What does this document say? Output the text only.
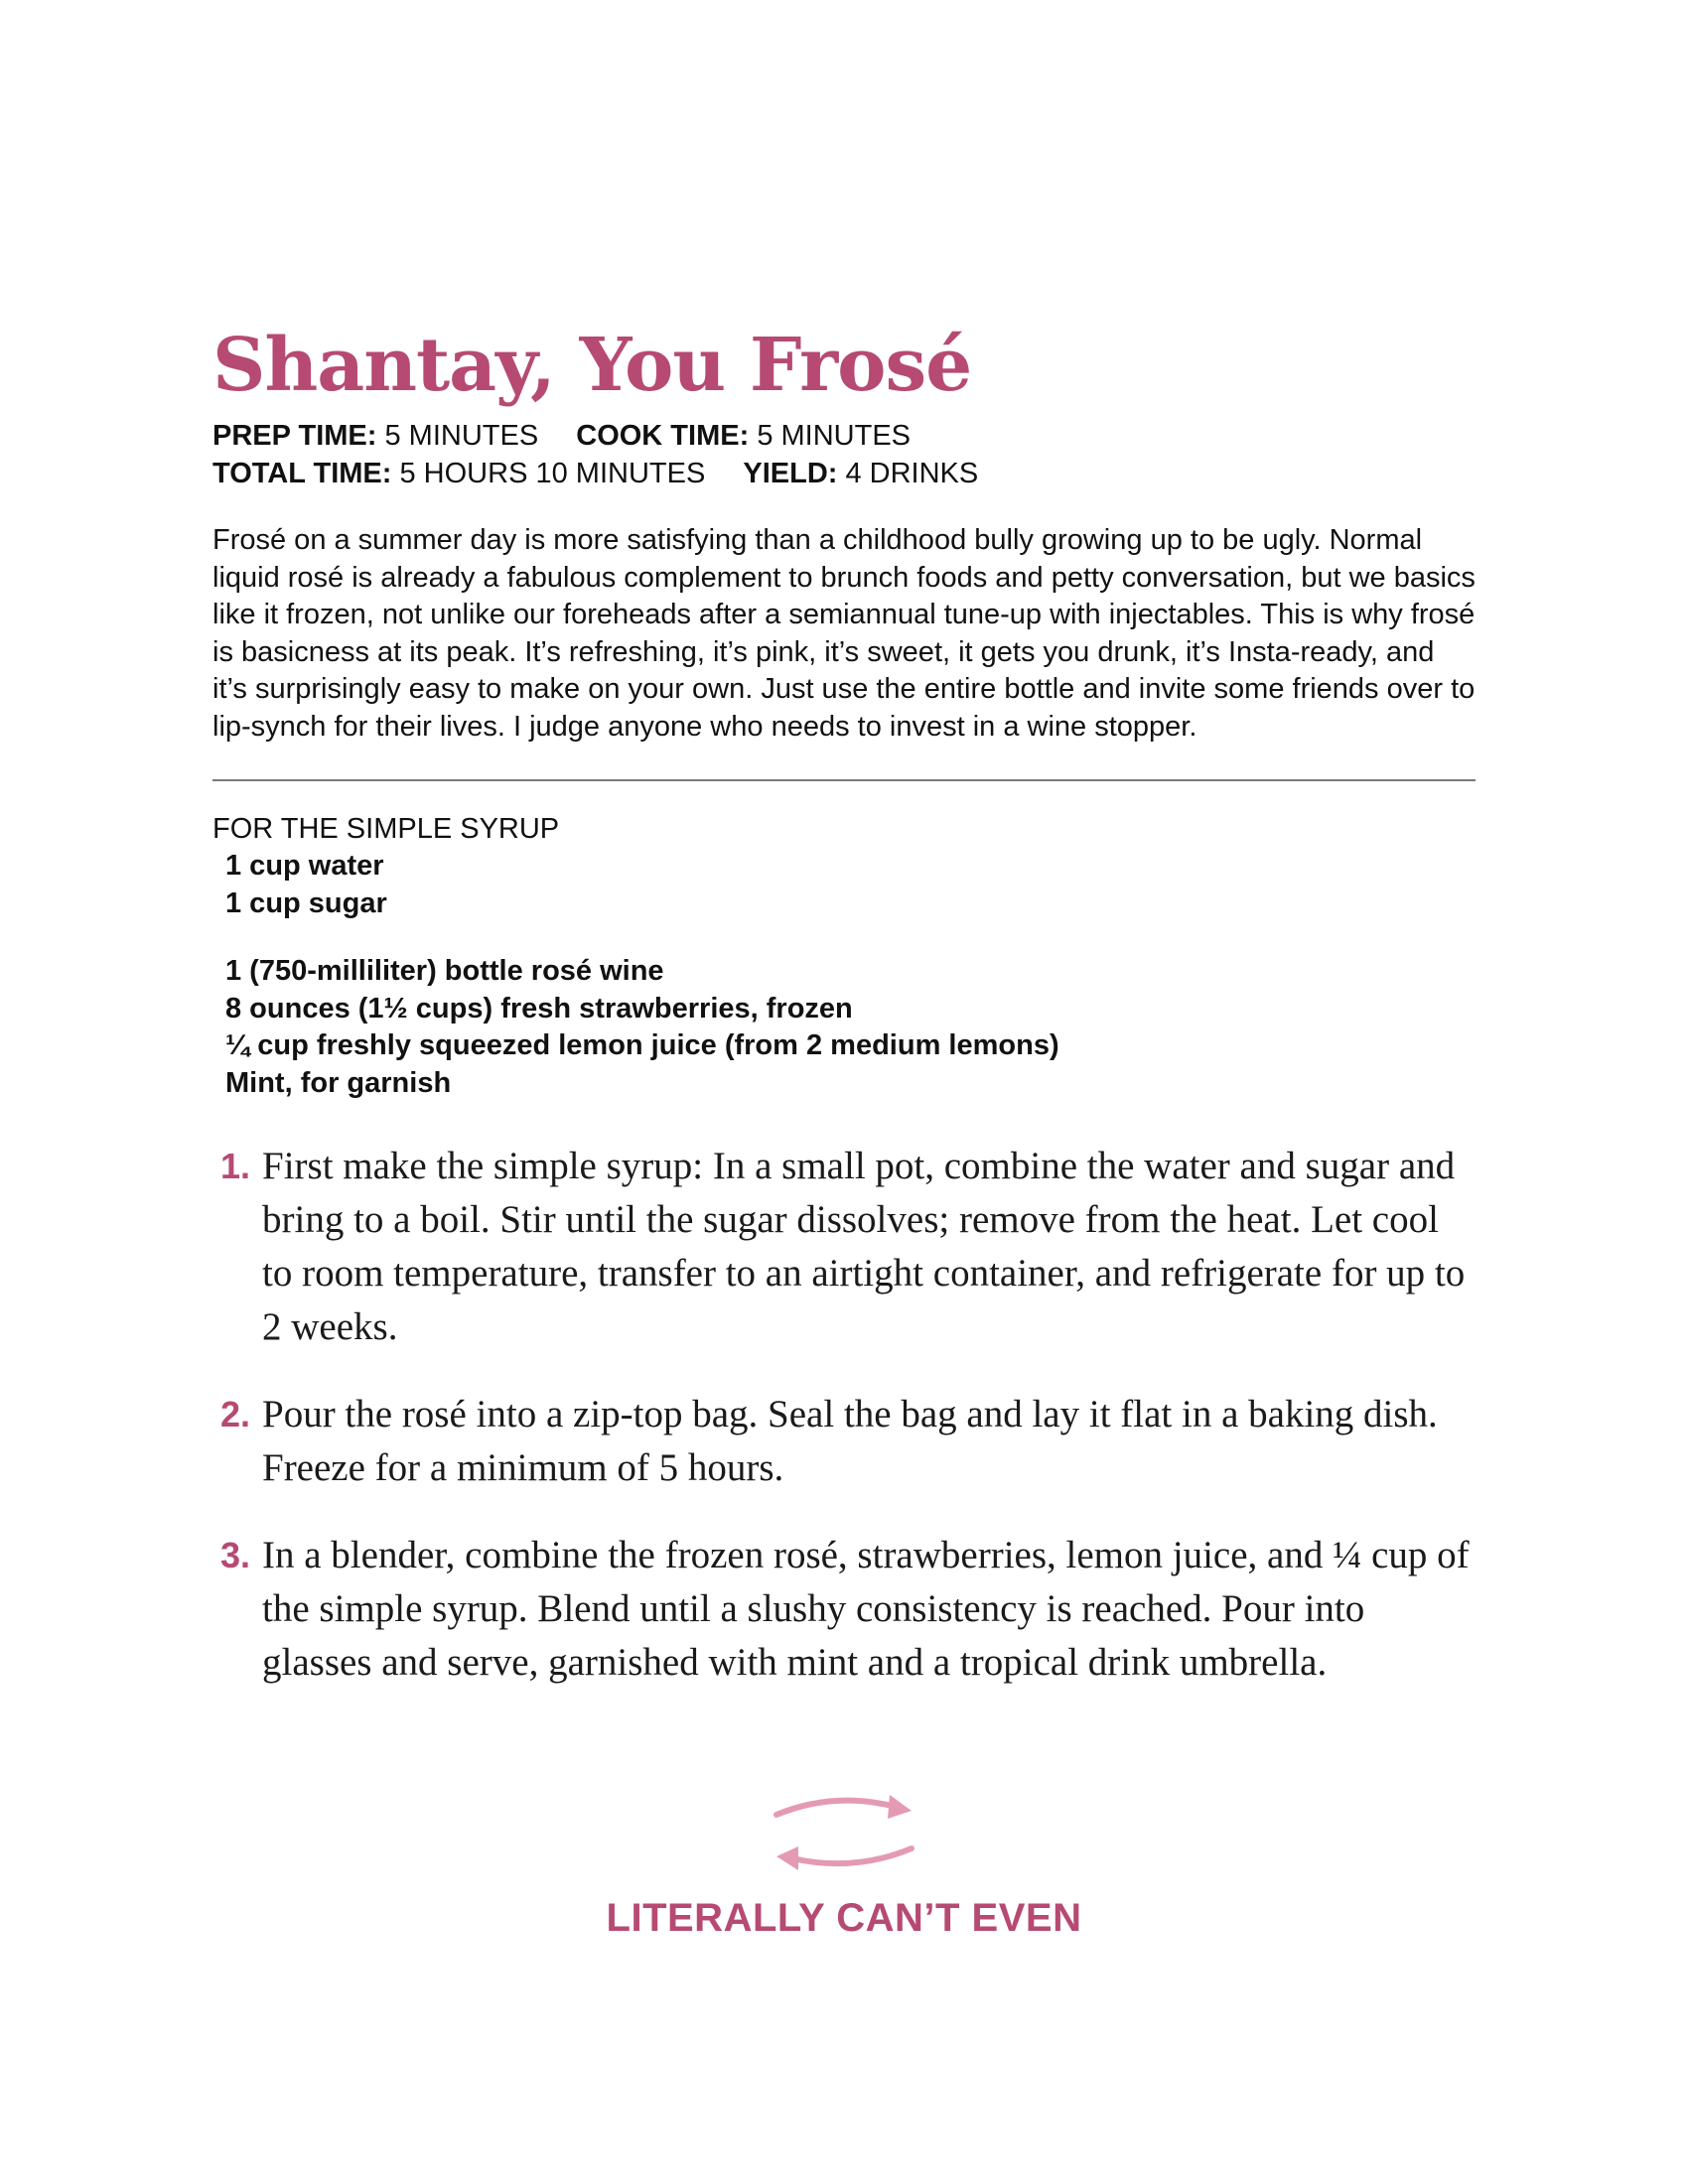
Shantay, You Frosé
PREP TIME: 5 MINUTES COOK TIME: 5 MINUTES TOTAL TIME: 5 HOURS 10 MINUTES YIELD: 4 DRINKS

Frosé on a summer day is more satisfying than a childhood bully growing up to be ugly. Normal liquid rosé is already a fabulous complement to brunch foods and petty conversation, but we basics like it frozen, not unlike our foreheads after a semiannual tune-up with injectables. This is why frosé is basicness at its peak. It’s refreshing, it’s pink, it’s sweet, it gets you drunk, it’s Insta-ready, and it’s surprisingly easy to make on your own. Just use the entire bottle and invite some friends over to lip-synch for their lives. I judge anyone who needs to invest in a wine stopper.

FOR THE SIMPLE SYRUP
1 cup water
1 cup sugar
1 (750-milliliter) bottle rosé wine
8 ounces (1½ cups) fresh strawberries, frozen
¼ cup freshly squeezed lemon juice (from 2 medium lemons)
Mint, for garnish
1. First make the simple syrup: In a small pot, combine the water and sugar and bring to a boil. Stir until the sugar dissolves; remove from the heat. Let cool to room temperature, transfer to an airtight container, and refrigerate for up to 2 weeks.
2. Pour the rosé into a zip-top bag. Seal the bag and lay it flat in a baking dish. Freeze for a minimum of 5 hours.
3. In a blender, combine the frozen rosé, strawberries, lemon juice, and ¼ cup of the simple syrup. Blend until a slushy consistency is reached. Pour into glasses and serve, garnished with mint and a tropical drink umbrella.
LITERALLY CAN’T EVEN
